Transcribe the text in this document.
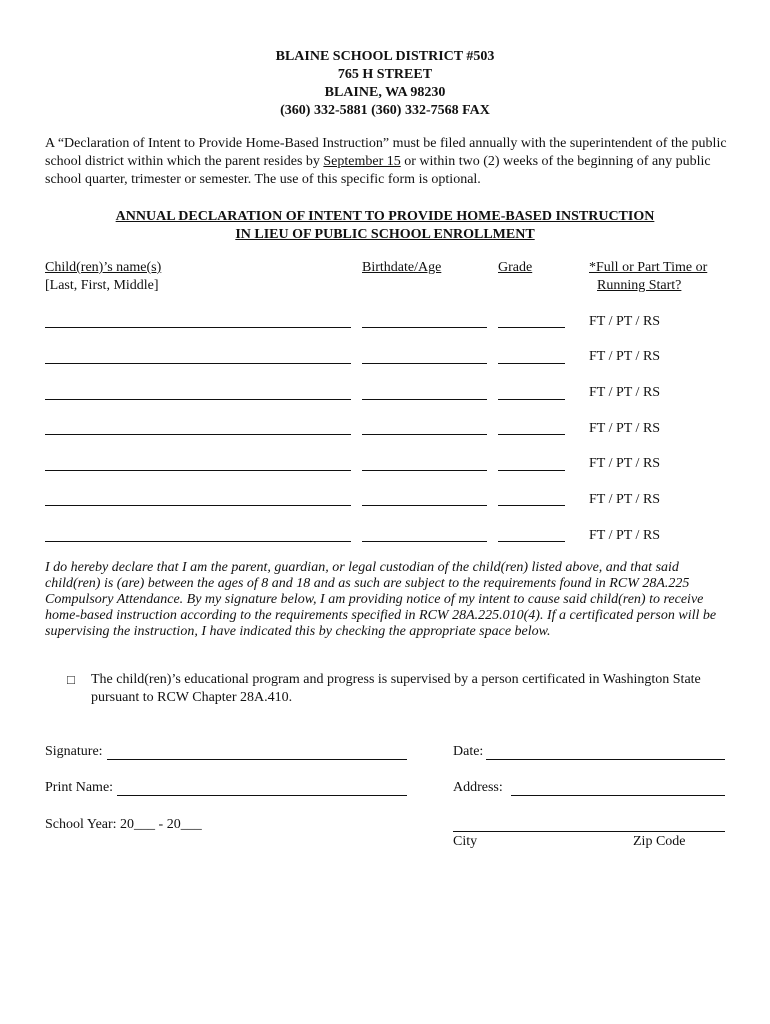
BLAINE SCHOOL DISTRICT #503
765 H STREET
BLAINE, WA 98230
(360) 332-5881 (360) 332-7568 FAX
A “Declaration of Intent to Provide Home-Based Instruction” must be filed annually with the superintendent of the public school district within which the parent resides by September 15 or within two (2) weeks of the beginning of any public school quarter, trimester or semester. The use of this specific form is optional.
ANNUAL DECLARATION OF INTENT TO PROVIDE HOME-BASED INSTRUCTION
IN LIEU OF PUBLIC SCHOOL ENROLLMENT
Child(ren)’s name(s)
[Last, First, Middle]
Birthdate/Age	Grade	*Full or Part Time or
Running Start?
FT / PT / RS
FT / PT / RS
FT / PT / RS
FT / PT / RS
FT / PT / RS
FT / PT / RS
FT / PT / RS
I do hereby declare that I am the parent, guardian, or legal custodian of the child(ren) listed above, and that said child(ren) is (are) between the ages of 8 and 18 and as such are subject to the requirements found in RCW 28A.225 Compulsory Attendance. By my signature below, I am providing notice of my intent to cause said child(ren) to receive home-based instruction according to the requirements specified in RCW 28A.225.010(4). If a certificated person will be supervising the instruction, I have indicated this by checking the appropriate space below.
□ The child(ren)’s educational program and progress is supervised by a person certificated in Washington State pursuant to RCW Chapter 28A.410.
Signature:	Date:
Print Name:	Address:
School Year: 20___ - 20___
City	Zip Code
